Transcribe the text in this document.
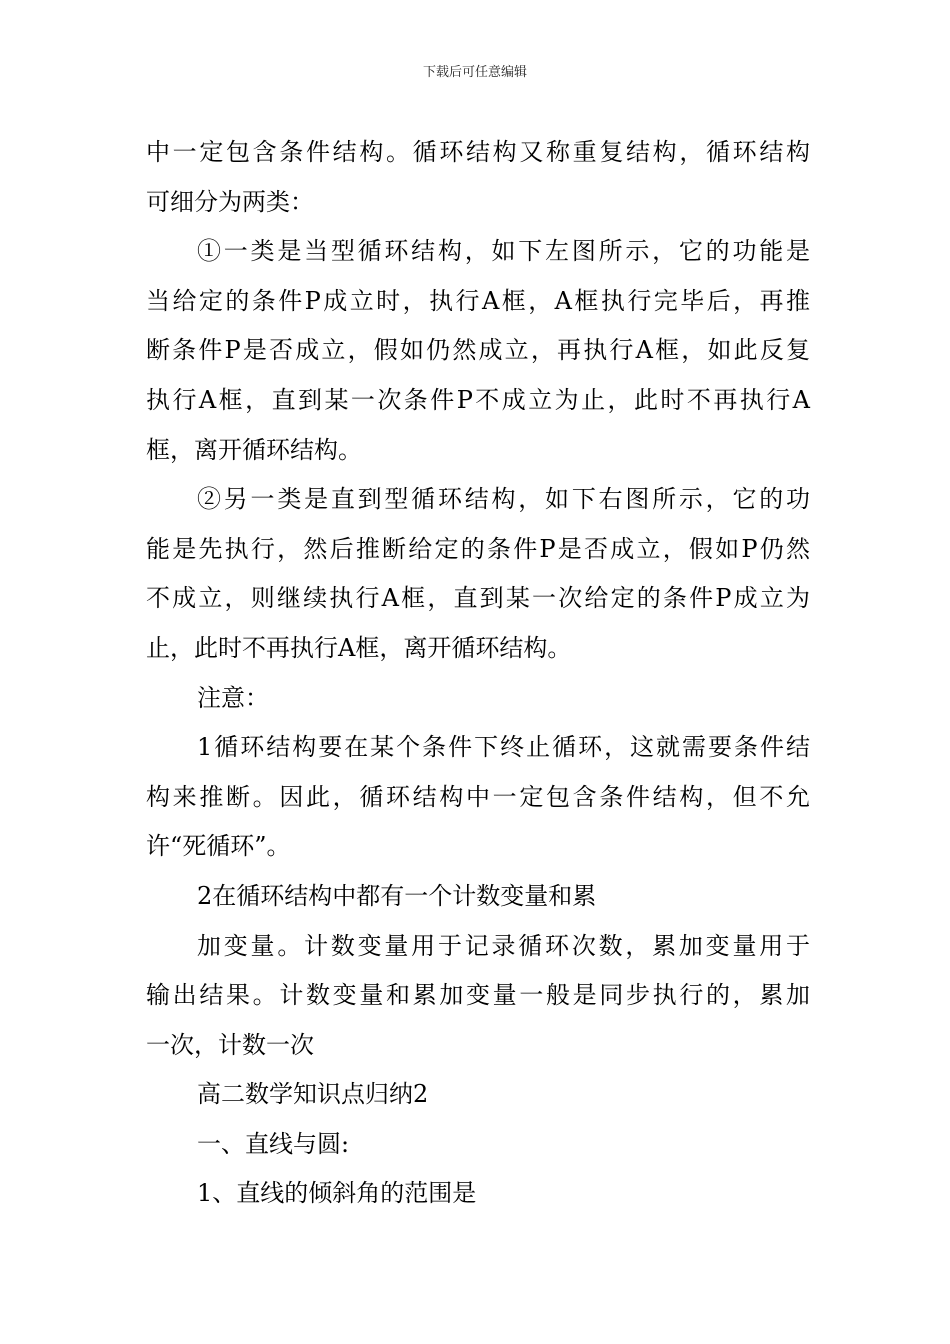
下载后可任意编辑
中一定包含条件结构。循环结构又称重复结构，循环结构
可细分为两类：
①一类是当型循环结构，如下左图所示，它的功能是
当给定的条件P成立时，执行A框，A框执行完毕后，再推
断条件P是否成立，假如仍然成立，再执行A框，如此反复
执行A框，直到某一次条件P不成立为止，此时不再执行A
框，离开循环结构。
②另一类是直到型循环结构，如下右图所示，它的功
能是先执行，然后推断给定的条件P是否成立，假如P仍然
不成立，则继续执行A框，直到某一次给定的条件P成立为
止，此时不再执行A框，离开循环结构。
注意：
1循环结构要在某个条件下终止循环，这就需要条件结
构来推断。因此，循环结构中一定包含条件结构，但不允
许“死循环”。
2在循环结构中都有一个计数变量和累
加变量。计数变量用于记录循环次数，累加变量用于
输出结果。计数变量和累加变量一般是同步执行的，累加
一次，计数一次
高二数学知识点归纳2
一、直线与圆:
1、直线的倾斜角的范围是
